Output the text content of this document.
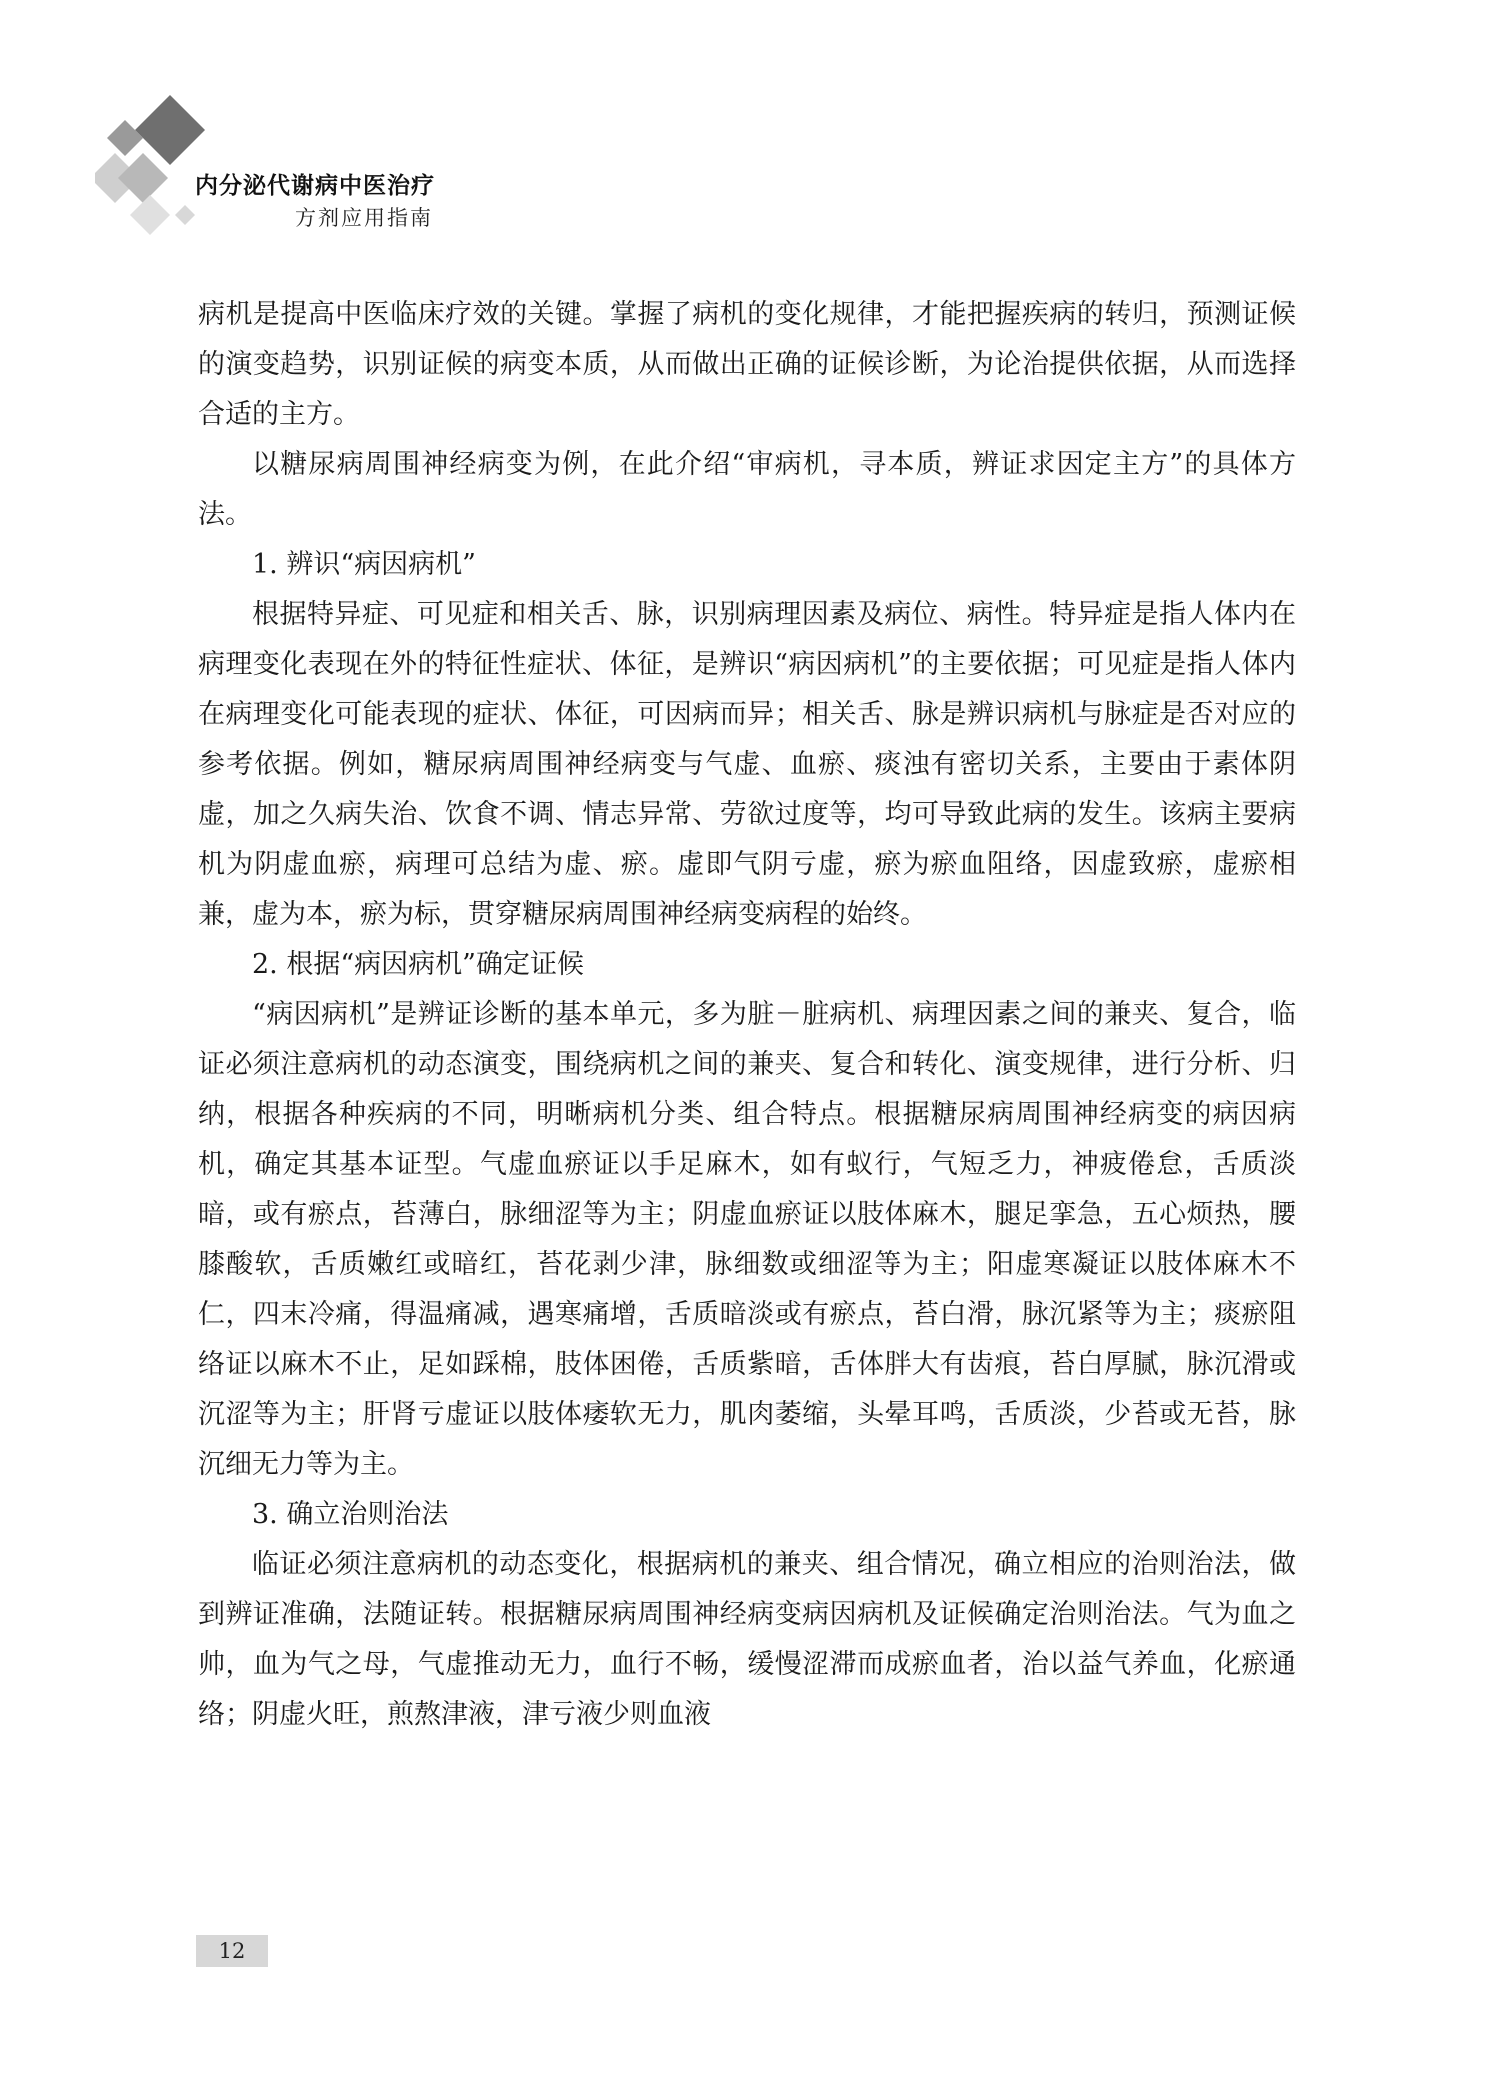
内分泌代谢病中医治疗
方剂应用指南

病机是提高中医临床疗效的关键。掌握了病机的变化规律，才能把握疾病的转归，预测证候的演变趋势，识别证候的病变本质，从而做出正确的证候诊断，为论治提供依据，从而选择合适的主方。

以糖尿病周围神经病变为例，在此介绍“审病机，寻本质，辨证求因定主方”的具体方法。

1. 辨识“病因病机”

根据特异症、可见症和相关舌、脉，识别病理因素及病位、病性。特异症是指人体内在病理变化表现在外的特征性症状、体征，是辨识“病因病机”的主要依据；可见症是指人体内在病理变化可能表现的症状、体征，可因病而异；相关舌、脉是辨识病机与脉症是否对应的参考依据。例如，糖尿病周围神经病变与气虚、血瘀、痰浊有密切关系，主要由于素体阴虚，加之久病失治、饮食不调、情志异常、劳欲过度等，均可导致此病的发生。该病主要病机为阴虚血瘀，病理可总结为虚、瘀。虚即气阴亏虚，瘀为瘀血阻络，因虚致瘀，虚瘀相兼，虚为本，瘀为标，贯穿糖尿病周围神经病变病程的始终。

2. 根据“病因病机”确定证候

“病因病机”是辨证诊断的基本单元，多为脏－脏病机、病理因素之间的兼夹、复合，临证必须注意病机的动态演变，围绕病机之间的兼夹、复合和转化、演变规律，进行分析、归纳，根据各种疾病的不同，明晰病机分类、组合特点。根据糖尿病周围神经病变的病因病机，确定其基本证型。气虚血瘀证以手足麻木，如有蚁行，气短乏力，神疲倦怠，舌质淡暗，或有瘀点，苔薄白，脉细涩等为主；阴虚血瘀证以肢体麻木，腿足挛急，五心烦热，腰膝酸软，舌质嫩红或暗红，苔花剥少津，脉细数或细涩等为主；阳虚寒凝证以肢体麻木不仁，四末冷痛，得温痛减，遇寒痛增，舌质暗淡或有瘀点，苔白滑，脉沉紧等为主；痰瘀阻络证以麻木不止，足如踩棉，肢体困倦，舌质紫暗，舌体胖大有齿痕，苔白厚腻，脉沉滑或沉涩等为主；肝肾亏虚证以肢体痿软无力，肌肉萎缩，头晕耳鸣，舌质淡，少苔或无苔，脉沉细无力等为主。

3. 确立治则治法

临证必须注意病机的动态变化，根据病机的兼夹、组合情况，确立相应的治则治法，做到辨证准确，法随证转。根据糖尿病周围神经病变病因病机及证候确定治则治法。气为血之帅，血为气之母，气虚推动无力，血行不畅，缓慢涩滞而成瘀血者，治以益气养血，化瘀通络；阴虚火旺，煎熬津液，津亏液少则血液

12
